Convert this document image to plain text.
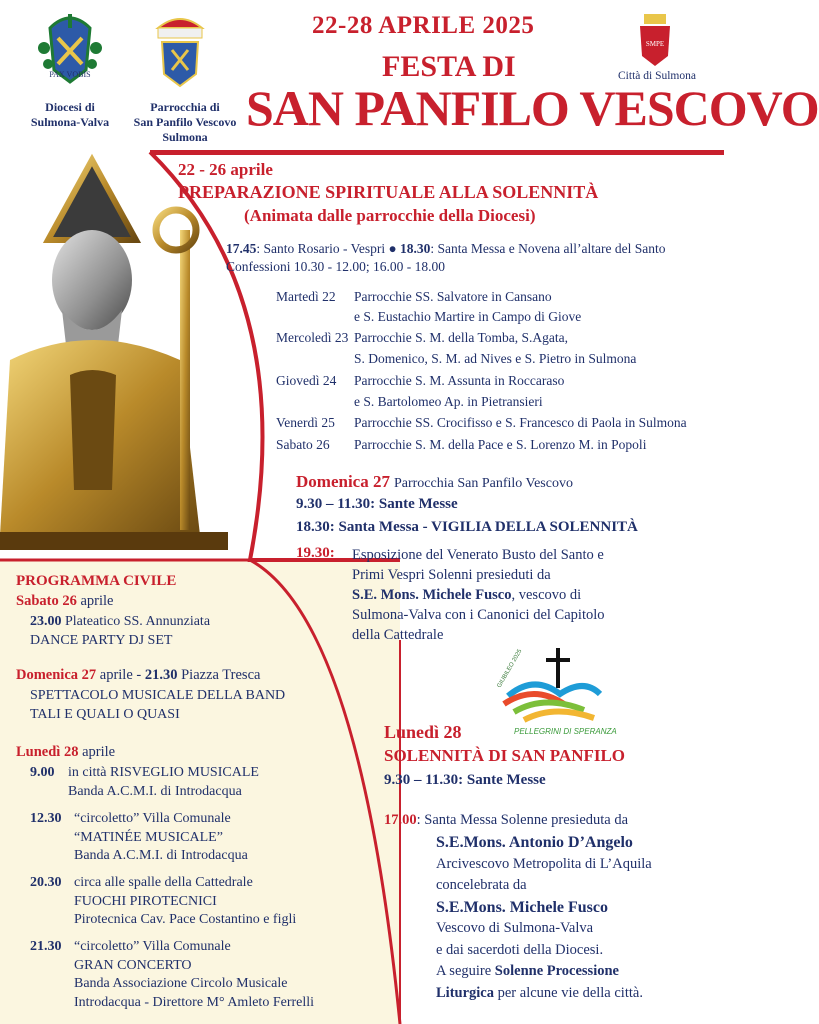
PAX VOBIS
Diocesi di
Sulmona-Valva
Parrocchia di
San Panfilo Vescovo
Sulmona
22-28 APRILE 2025
FESTA DI
SAN PANFILO VESCOVO
SMPE
Città di Sulmona
22 - 26 aprile
PREPARAZIONE SPIRITUALE ALLA SOLENNITÀ
(Animata dalle parrocchie della Diocesi)
17.45: Santo Rosario - Vespri ● 18.30: Santa Messa e Novena all’altare del Santo
Confessioni 10.30 - 12.00; 16.00 - 18.00
Martedì 22 Parrocchie SS. Salvatore in Cansano
e S. Eustachio Martire in Campo di Giove
Mercoledì 23 Parrocchie S. M. della Tomba, S.Agata,
S. Domenico, S. M. ad Nives e S. Pietro in Sulmona
Giovedì 24 Parrocchie S. M. Assunta in Roccaraso
e S. Bartolomeo Ap. in Pietransieri
Venerdì 25 Parrocchie SS. Crocifisso e S. Francesco di Paola in Sulmona
Sabato 26 Parrocchie S. M. della Pace e S. Lorenzo M. in Popoli
Domenica 27 Parrocchia San Panfilo Vescovo
9.30 – 11.30: Sante Messe
18.30: Santa Messa - VIGILIA DELLA SOLENNITÀ
19.30: Esposizione del Venerato Busto del Santo e
Primi Vespri Solenni presieduti da
S.E. Mons. Michele Fusco, vescovo di
Sulmona-Valva con i Canonici del Capitolo
della Cattedrale
GIUBILEO 2025
PELLEGRINI DI SPERANZA
Lunedì 28
SOLENNITÀ DI SAN PANFILO
9.30 – 11.30: Sante Messe
17.00: Santa Messa Solenne presieduta da
S.E.Mons. Antonio D’Angelo
Arcivescovo Metropolita di L’Aquila
concelebrata da
S.E.Mons. Michele Fusco
Vescovo di Sulmona-Valva
e dai sacerdoti della Diocesi.
A seguire Solenne Processione
Liturgica per alcune vie della città.
PROGRAMMA CIVILE
Sabato 26 aprile
23.00 Plateatico SS. Annunziata
DANCE PARTY DJ SET
Domenica 27 aprile - 21.30 Piazza Tresca
SPETTACOLO MUSICALE DELLA BAND
TALI E QUALI O QUASI
Lunedì 28 aprile
9.00 in città RISVEGLIO MUSICALE
Banda A.C.M.I. di Introdacqua
12.30 “circoletto” Villa Comunale
“MATINÉE MUSICALE”
Banda A.C.M.I. di Introdacqua
20.30 circa alle spalle della Cattedrale
FUOCHI PIROTECNICI
Pirotecnica Cav. Pace Costantino e figli
21.30 “circoletto” Villa Comunale
GRAN CONCERTO
Banda Associazione Circolo Musicale
Introdacqua - Direttore M° Amleto Ferrelli
